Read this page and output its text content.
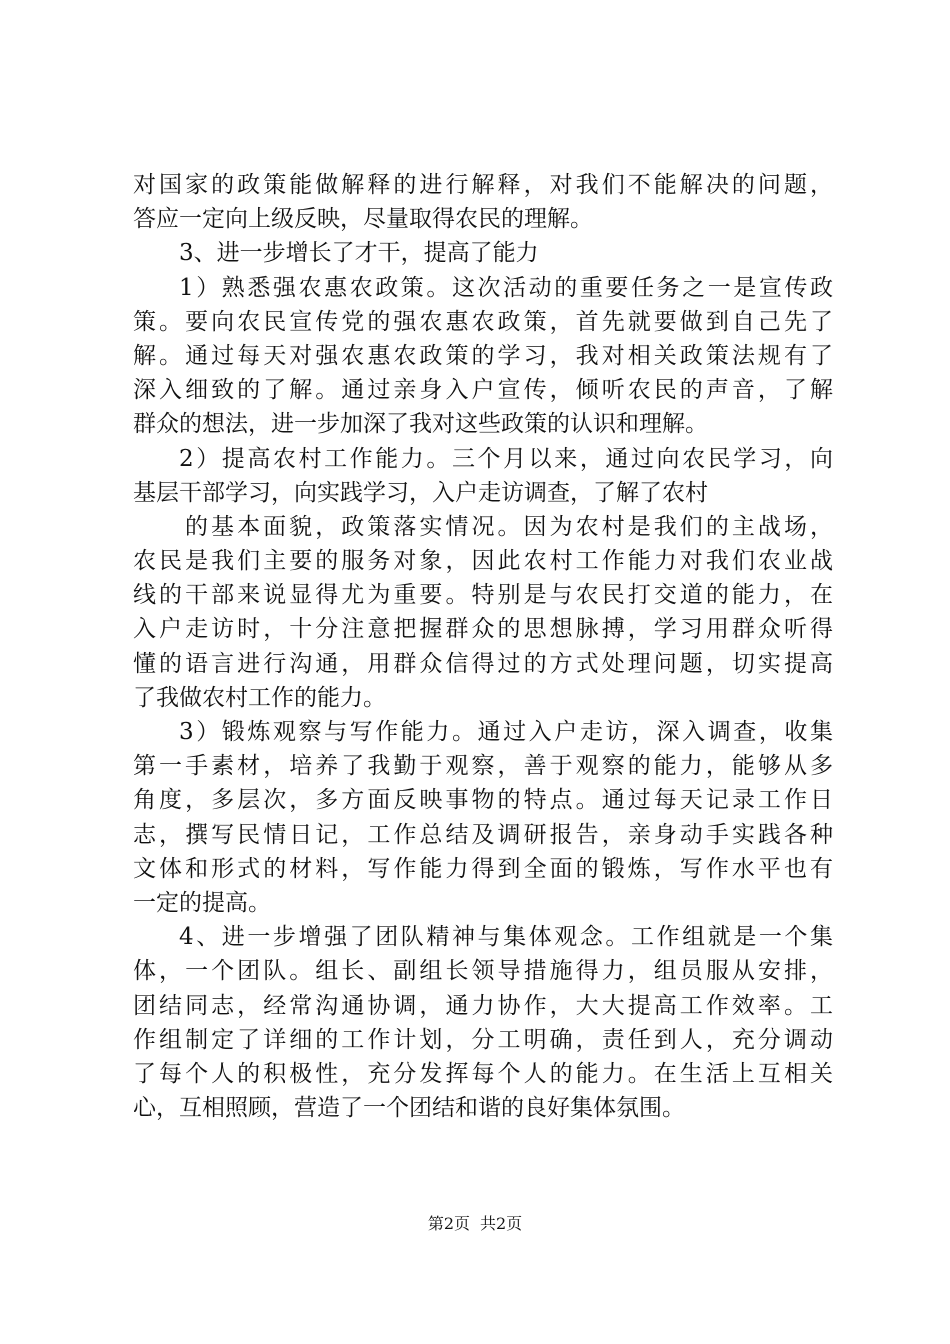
对国家的政策能做解释的进行解释，对我们不能解决的问题，
答应一定向上级反映，尽量取得农民的理解。
3、进一步增长了才干，提高了能力
1）熟悉强农惠农政策。这次活动的重要任务之一是宣传政
策。要向农民宣传党的强农惠农政策，首先就要做到自己先了
解。通过每天对强农惠农政策的学习，我对相关政策法规有了
深入细致的了解。通过亲身入户宣传，倾听农民的声音，了解
群众的想法，进一步加深了我对这些政策的认识和理解。
2）提高农村工作能力。三个月以来，通过向农民学习，向
基层干部学习，向实践学习，入户走访调查，了解了农村
的基本面貌，政策落实情况。因为农村是我们的主战场，
农民是我们主要的服务对象，因此农村工作能力对我们农业战
线的干部来说显得尤为重要。特别是与农民打交道的能力，在
入户走访时，十分注意把握群众的思想脉搏，学习用群众听得
懂的语言进行沟通，用群众信得过的方式处理问题，切实提高
了我做农村工作的能力。
3）锻炼观察与写作能力。通过入户走访，深入调查，收集
第一手素材，培养了我勤于观察，善于观察的能力，能够从多
角度，多层次，多方面反映事物的特点。通过每天记录工作日
志，撰写民情日记，工作总结及调研报告，亲身动手实践各种
文体和形式的材料，写作能力得到全面的锻炼，写作水平也有
一定的提高。
4、进一步增强了团队精神与集体观念。工作组就是一个集
体，一个团队。组长、副组长领导措施得力，组员服从安排，
团结同志，经常沟通协调，通力协作，大大提高工作效率。工
作组制定了详细的工作计划，分工明确，责任到人，充分调动
了每个人的积极性，充分发挥每个人的能力。在生活上互相关
心，互相照顾，营造了一个团结和谐的良好集体氛围。
第2页 共2页
